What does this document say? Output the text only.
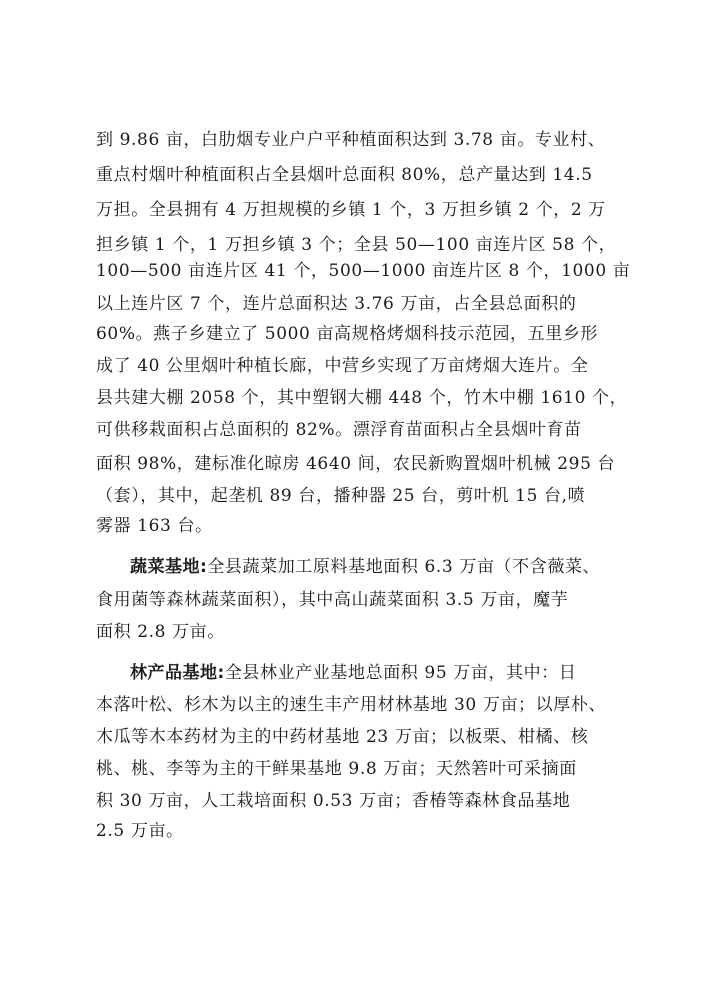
到 9.86 亩，白肋烟专业户户平种植面积达到 3.78 亩。专业村、
重点村烟叶种植面积占全县烟叶总面积 80%，总产量达到 14.5
万担。全县拥有 4 万担规模的乡镇 1 个，3 万担乡镇 2 个，2 万
担乡镇 1 个，1 万担乡镇 3 个；全县 50—100 亩连片区 58 个，
100—500 亩连片区 41 个，500—1000 亩连片区 8 个，1000 亩
以上连片区 7 个，连片总面积达 3.76 万亩，占全县总面积的
60%。燕子乡建立了 5000 亩高规格烤烟科技示范园，五里乡形
成了 40 公里烟叶种植长廊，中营乡实现了万亩烤烟大连片。全
县共建大棚 2058 个，其中塑钢大棚 448 个，竹木中棚 1610 个，
可供移栽面积占总面积的 82%。漂浮育苗面积占全县烟叶育苗
面积 98%，建标准化晾房 4640 间，农民新购置烟叶机械 295 台
（套），其中，起垄机 89 台，播种器 25 台，剪叶机 15 台,喷
雾器 163 台。
蔬菜基地:全县蔬菜加工原料基地面积 6.3 万亩（不含薇菜、
食用菌等森林蔬菜面积），其中高山蔬菜面积 3.5 万亩，魔芋
面积 2.8 万亩。
林产品基地:全县林业产业基地总面积 95 万亩，其中：日
本落叶松、杉木为以主的速生丰产用材林基地 30 万亩；以厚朴、
木瓜等木本药材为主的中药材基地 23 万亩；以板栗、柑橘、核
桃、桃、李等为主的干鲜果基地 9.8 万亩；天然箬叶可采摘面
积 30 万亩，人工栽培面积 0.53 万亩；香椿等森林食品基地
2.5 万亩。
